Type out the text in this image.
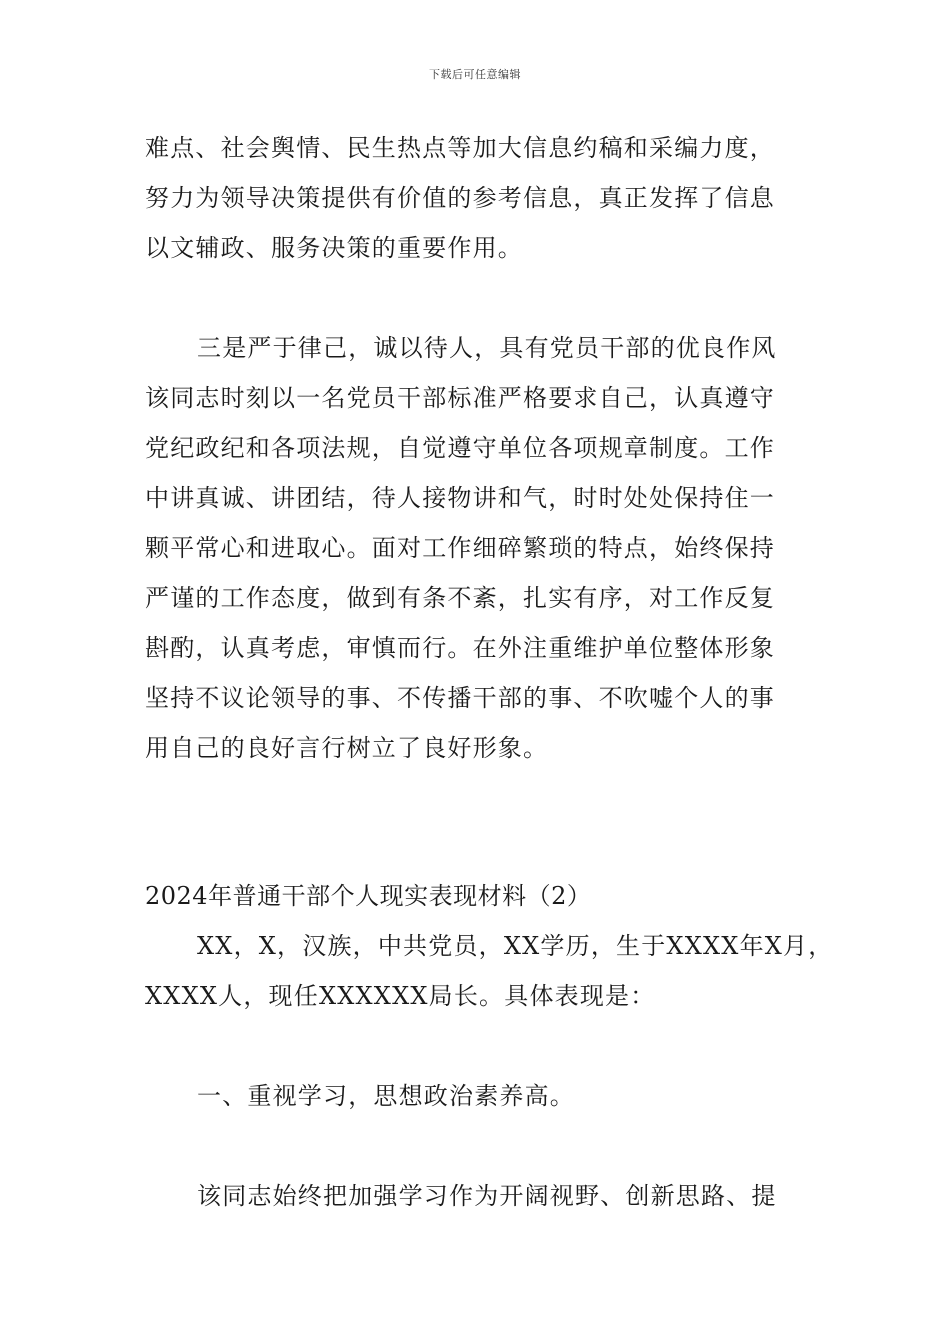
下载后可任意编辑
难点、社会舆情、民生热点等加大信息约稿和采编力度，
努力为领导决策提供有价值的参考信息，真正发挥了信息
以文辅政、服务决策的重要作用。
三是严于律己，诚以待人，具有党员干部的优良作风
该同志时刻以一名党员干部标准严格要求自己，认真遵守
党纪政纪和各项法规，自觉遵守单位各项规章制度。工作
中讲真诚、讲团结，待人接物讲和气，时时处处保持住一
颗平常心和进取心。面对工作细碎繁琐的特点，始终保持
严谨的工作态度，做到有条不紊，扎实有序，对工作反复
斟酌，认真考虑，审慎而行。在外注重维护单位整体形象
坚持不议论领导的事、不传播干部的事、不吹嘘个人的事
用自己的良好言行树立了良好形象。
2024年普通干部个人现实表现材料（2）
XX，X，汉族，中共党员，XX学历，生于XXXX年X月，
XXXX人，现任XXXXXX局长。具体表现是：
一、重视学习，思想政治素养高。
该同志始终把加强学习作为开阔视野、创新思路、提
